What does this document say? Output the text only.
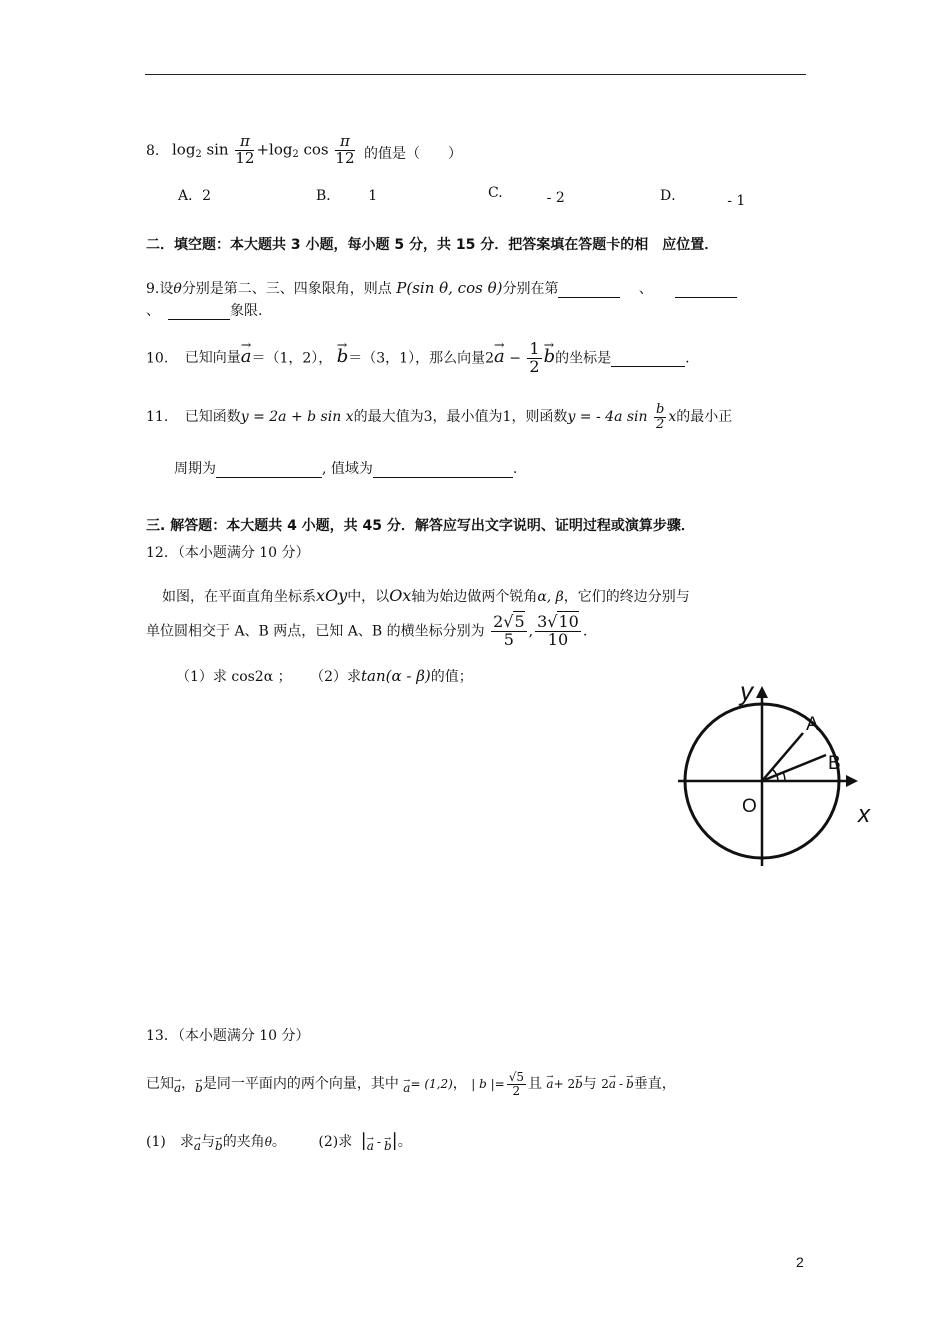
8. $\log_2 \sin \frac{\pi}{12} +\log_2$ $\cos \frac{\pi}{12}$ 的值是（　　）
A．2	B． 1	C.	- 2	D．	- 1
二．填空题：本大题共 3 小题，每小题 5 分，共 15 分．把答案填在答题卡的相　应位置．
9.设θ分别是第二、三、四象限角，则点 P(sin θ, cos θ)分别在第	、
、	象限.
10. 已知向量→ a＝（1，2）， → b＝（3，1），那么向量$2\to a - \frac{1}{2}$
→ b的坐标是	.
11. 已知函数y = 2a + b sin x的最大值为3，最小值为1，则函数y = - 4a $\sin \frac{b}{2}$ x的最小正
周期为	, 值域为	.
三. 解答题：本大题共 4 小题，共 45 分．解答应写出文字说明、证明过程或演算步骤．
12．（本小题满分 10 分）
如图，在平面直角坐标系xOy中，以Ox轴为始边做两个锐角α, β，它们的终边分别与
单位圆相交于 A、B 两点，已知 A、B 的横坐标分别为 $\frac{2√5}{5}$ , $\frac{3√10}{10}$ .
（1）求 cos2α ； （2）求tan(α - β)的值；	y
x
O
A
B
13．（本小题满分 10 分）
已知→ a，→ b是同一平面内的两个向量，其中 → a= (1,2)， | b |= $\frac{√5}{2}$ 且 → a+ 2→ b与 2→ a -→ b垂直，
(1)　求→ a与→ b的夹角θ。 (2)求 |→ a -→ b|。
2
